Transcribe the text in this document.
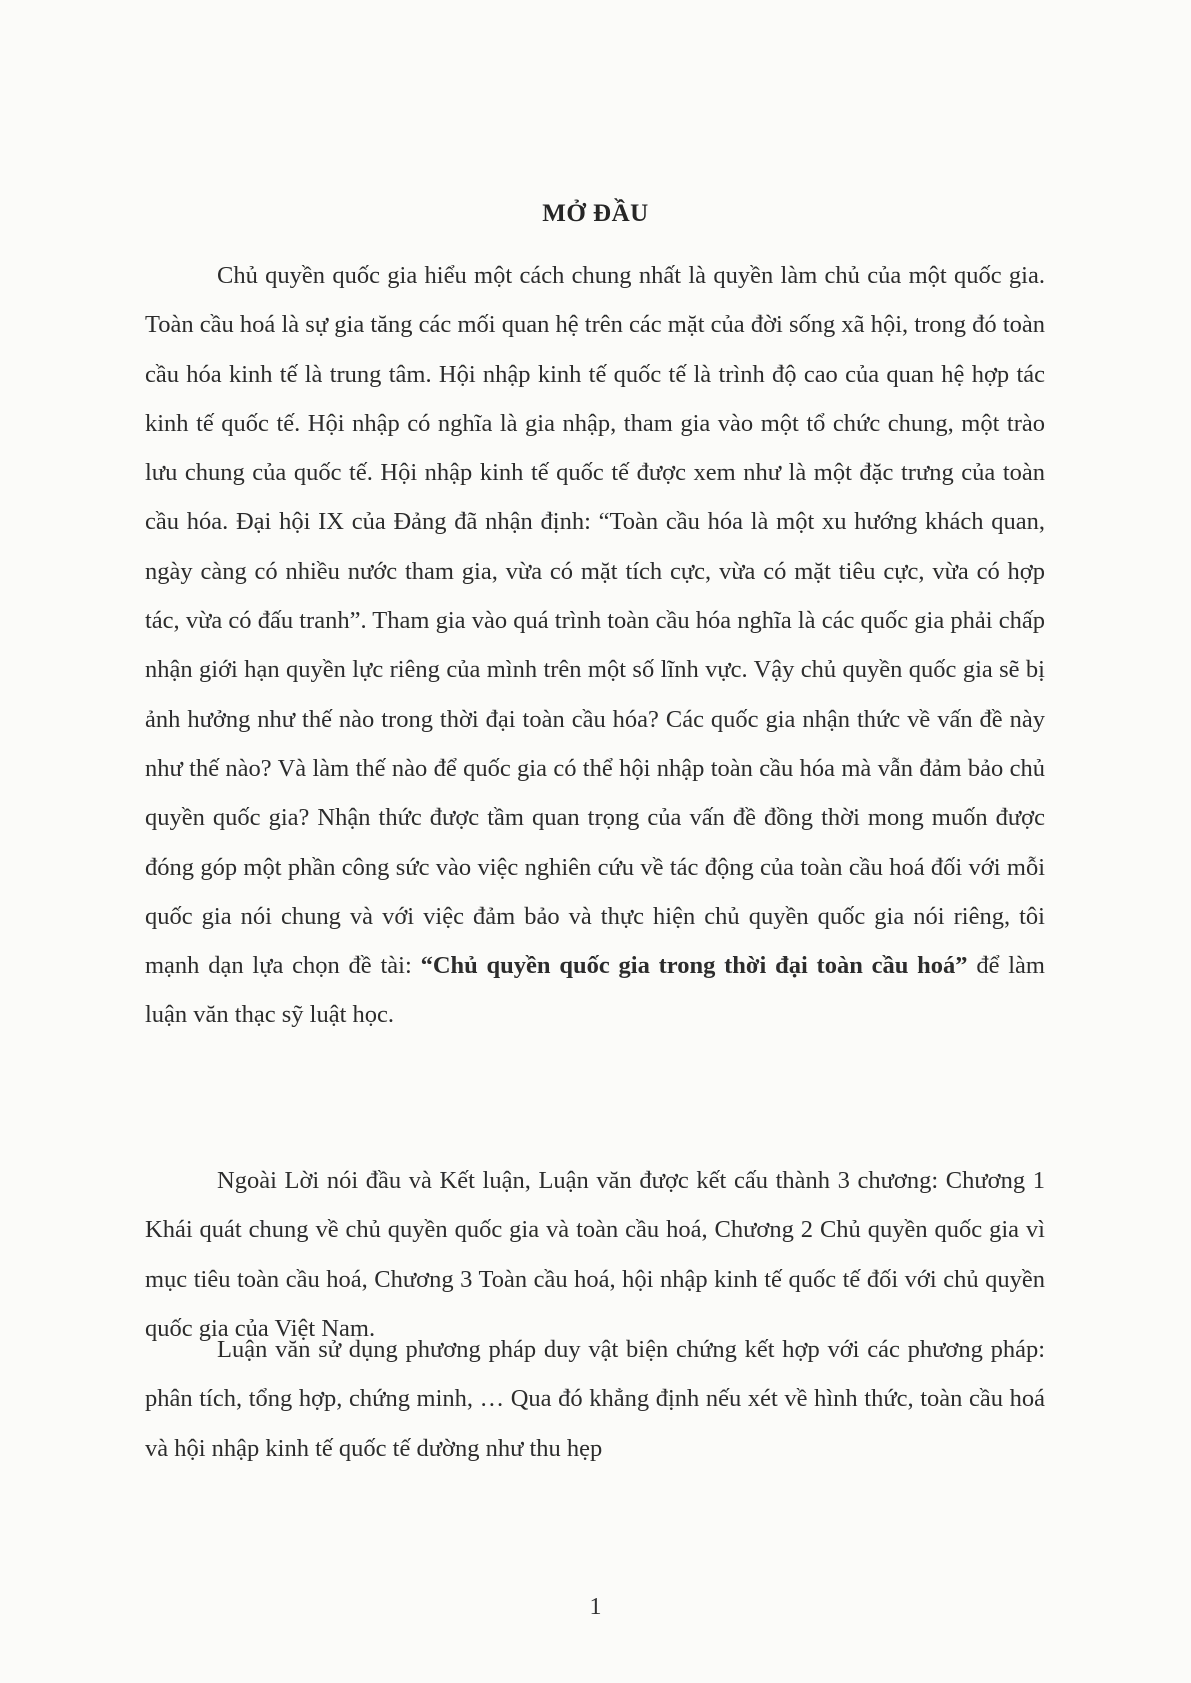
MỞ ĐẦU
Chủ quyền quốc gia hiểu một cách chung nhất là quyền làm chủ của một quốc gia. Toàn cầu hoá là sự gia tăng các mối quan hệ trên các mặt của đời sống xã hội, trong đó toàn cầu hóa kinh tế là trung tâm. Hội nhập kinh tế quốc tế là trình độ cao của quan hệ hợp tác kinh tế quốc tế. Hội nhập có nghĩa là gia nhập, tham gia vào một tổ chức chung, một trào lưu chung của quốc tế. Hội nhập kinh tế quốc tế được xem như là một đặc trưng của toàn cầu hóa. Đại hội IX của Đảng đã nhận định: “Toàn cầu hóa là một xu hướng khách quan, ngày càng có nhiều nước tham gia, vừa có mặt tích cực, vừa có mặt tiêu cực, vừa có hợp tác, vừa có đấu tranh”. Tham gia vào quá trình toàn cầu hóa nghĩa là các quốc gia phải chấp nhận giới hạn quyền lực riêng của mình trên một số lĩnh vực. Vậy chủ quyền quốc gia sẽ bị ảnh hưởng như thế nào trong thời đại toàn cầu hóa? Các quốc gia nhận thức về vấn đề này như thế nào? Và làm thế nào để quốc gia có thể hội nhập toàn cầu hóa mà vẫn đảm bảo chủ quyền quốc gia? Nhận thức được tầm quan trọng của vấn đề đồng thời mong muốn được đóng góp một phần công sức vào việc nghiên cứu về tác động của toàn cầu hoá đối với mỗi quốc gia nói chung và với việc đảm bảo và thực hiện chủ quyền quốc gia nói riêng, tôi mạnh dạn lựa chọn đề tài: “Chủ quyền quốc gia trong thời đại toàn cầu hoá” để làm luận văn thạc sỹ luật học.
Ngoài Lời nói đầu và Kết luận, Luận văn được kết cấu thành 3 chương: Chương 1 Khái quát chung về chủ quyền quốc gia và toàn cầu hoá, Chương 2 Chủ quyền quốc gia vì mục tiêu toàn cầu hoá, Chương 3 Toàn cầu hoá, hội nhập kinh tế quốc tế đối với chủ quyền quốc gia của Việt Nam.
Luận văn sử dụng phương pháp duy vật biện chứng kết hợp với các phương pháp: phân tích, tổng hợp, chứng minh, … Qua đó khẳng định nếu xét về hình thức, toàn cầu hoá và hội nhập kinh tế quốc tế dường như thu hẹp
1
